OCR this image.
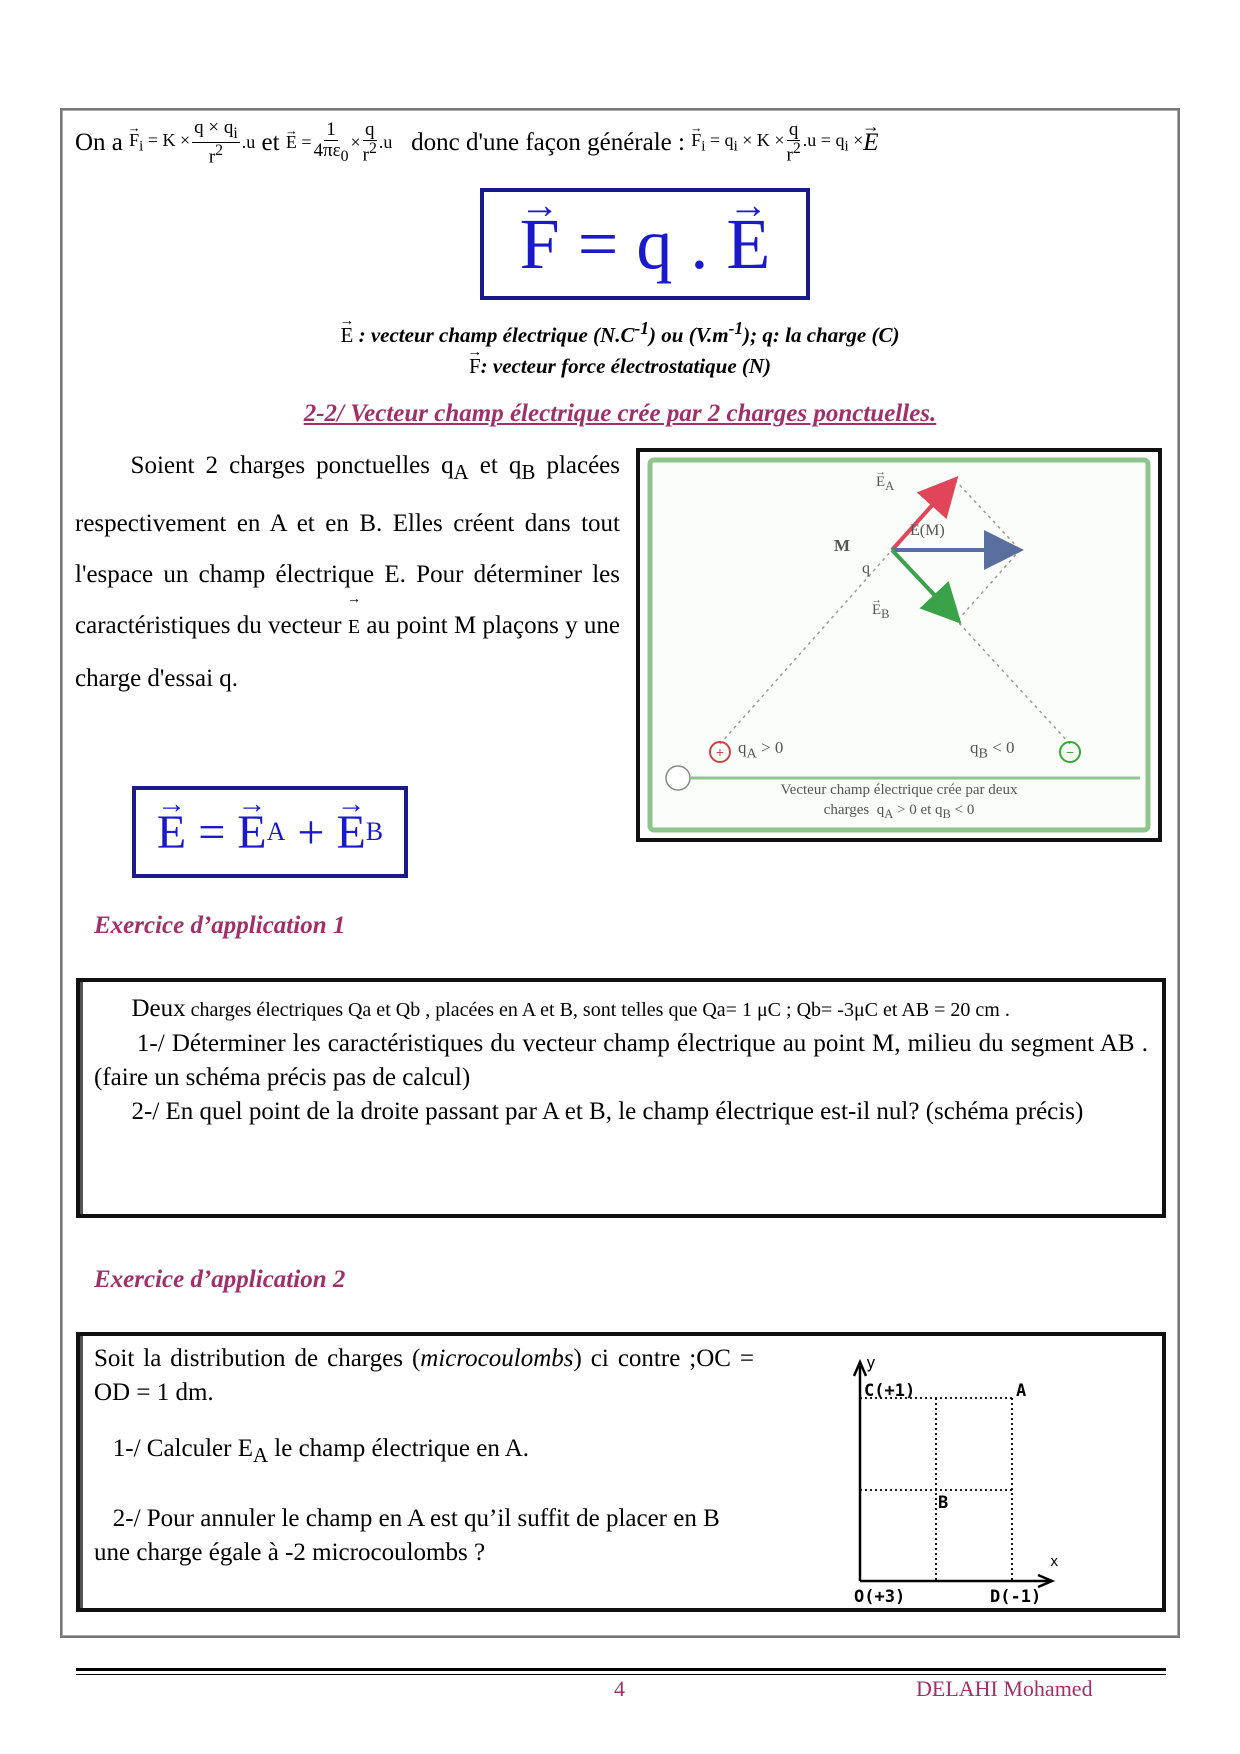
On a
→ $F_i = K \times \frac{q \times q_i}{r^2} .u$
et
→ $E = \frac{1}{4\pi\varepsilon_0} \times \frac{q}{r^2} .u$
donc d'une façon générale :
→ $F_i = q_i \times K \times \frac{q}{r^2} .u = q_i$ × → E
→ F
=
q .
→ E
→ E : vecteur champ électrique $(N.C^{-1})$ ou $(V.m^{-1})$; q: la charge (C)
→ F: vecteur force électrostatique (N)
2-2/ Vecteur champ électrique crée par 2 charges ponctuelles.
Soient 2 charges ponctuelles $q_A$ et $q_B$ placées respectivement en A et en B. Elles créent dans tout l'espace un champ électrique E. Pour déterminer les caractéristiques du vecteur → E au point M plaçons y une charge d'essai q.
→ E
=
→ E A
+
→ E B
+	−
→ $E_A$
E(M)
M
q
→ $E_B$
$q_A > 0$	$q_B < 0$
Vecteur champ électrique crée par deux
charges $q_A > 0$ et $q_B < 0$
Exercice d’application 1

Deux charges électriques Qa et Qb , placées en A et B, sont telles que Qa= 1 μC ; Qb= -3μC et AB = 20 cm .

1-/ Déterminer les caractéristiques du vecteur champ électrique au point M, milieu du segment AB .(faire un schéma précis pas de calcul)

2-/ En quel point de la droite passant par A et B, le champ électrique est-il nul? (schéma précis)

Exercice d’application 2

Soit la distribution de charges (microcoulombs) ci contre ;OC = OD = 1 dm.

1-/ Calculer $E_A$ le champ électrique en A.

2-/ Pour annuler le champ en A est qu’il suffit de placer en B une charge égale à -2 microcoulombs ?

y
x
C(+1)	A
B
O(+3)	D(-1)
4	DELAHI Mohamed
